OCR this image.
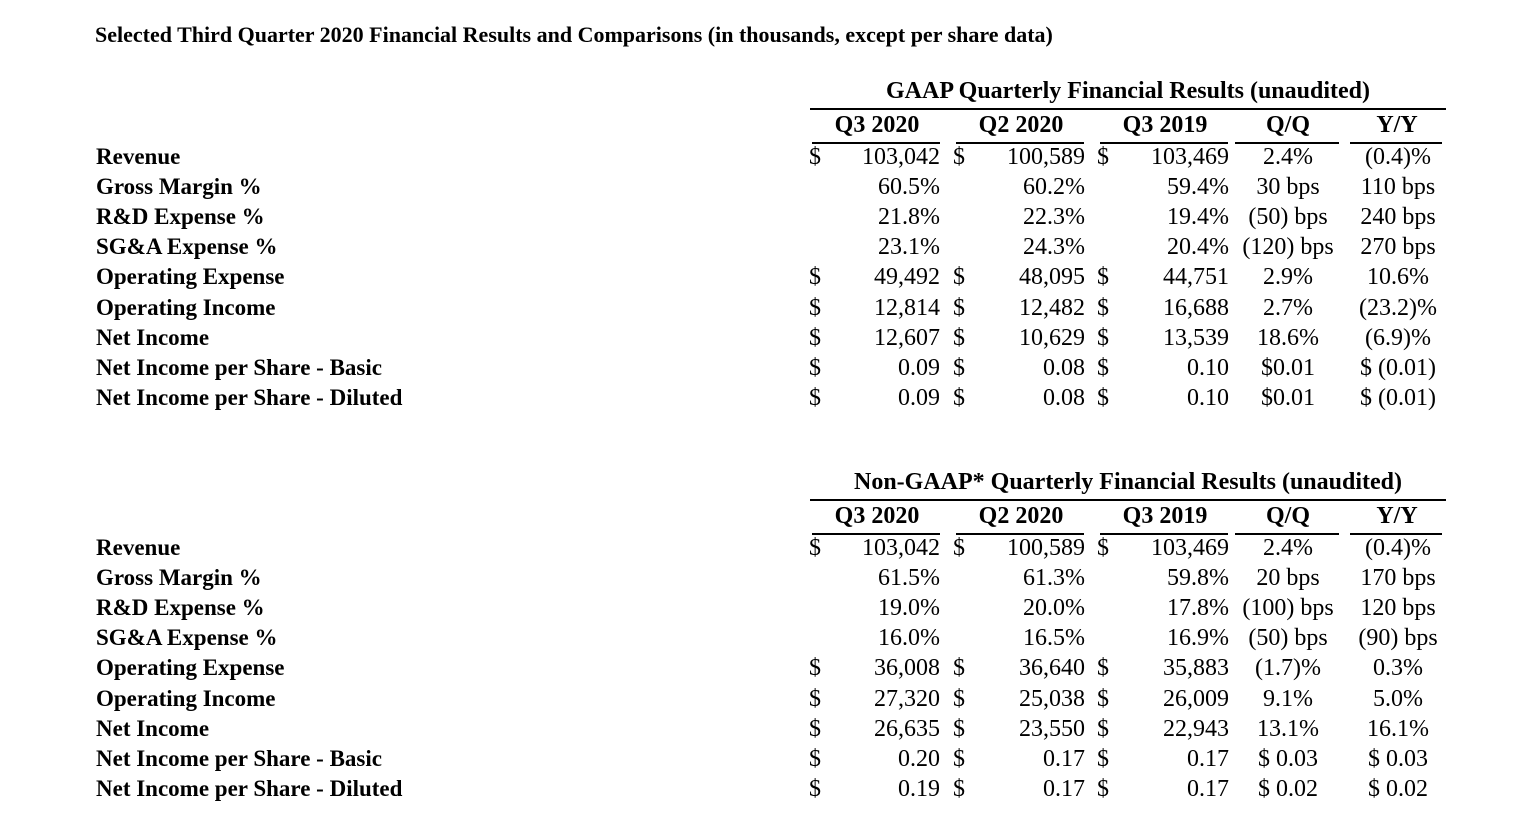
Selected Third Quarter 2020 Financial Results and Comparisons (in thousands, except per share data)
GAAP Quarterly Financial Results (unaudited)
Q3 2020	Q2 2020	Q3 2019	Q/Q	Y/Y
Revenue	$	103,042 $	100,589 $	103,469	2.4%	(0.4)%
Gross Margin %	60.5%	60.2%	59.4%	30 bps	110 bps
R&D Expense %	21.8%	22.3%	19.4% (50) bps	240 bps
SG&A Expense %	23.1%	24.3%	20.4% (120) bps	270 bps
Operating Expense	$	49,492 $	48,095 $	44,751	2.9%	10.6%
Operating Income	$	12,814 $	12,482 $	16,688	2.7%	(23.2)%
Net Income	$	12,607 $	10,629 $	13,539	18.6%	(6.9)%
Net Income per Share - Basic	$	0.09 $	0.08 $	0.10	$0.01	$ (0.01)
Net Income per Share - Diluted	$	0.09 $	0.08 $	0.10	$0.01	$ (0.01)
Non-GAAP* Quarterly Financial Results (unaudited)
Q3 2020	Q2 2020	Q3 2019	Q/Q	Y/Y
Revenue	$	103,042 $	100,589 $	103,469	2.4%	(0.4)%
Gross Margin %	61.5%	61.3%	59.8%	20 bps	170 bps
R&D Expense %	19.0%	20.0%	17.8% (100) bps	120 bps
SG&A Expense %	16.0%	16.5%	16.9% (50) bps	(90) bps
Operating Expense	$	36,008 $	36,640 $	35,883	(1.7)%	0.3%
Operating Income	$	27,320 $	25,038 $	26,009	9.1%	5.0%
Net Income	$	26,635 $	23,550 $	22,943	13.1%	16.1%
Net Income per Share - Basic	$	0.20 $	0.17 $	0.17	$ 0.03	$ 0.03
Net Income per Share - Diluted	$	0.19 $	0.17 $	0.17	$ 0.02	$ 0.02
